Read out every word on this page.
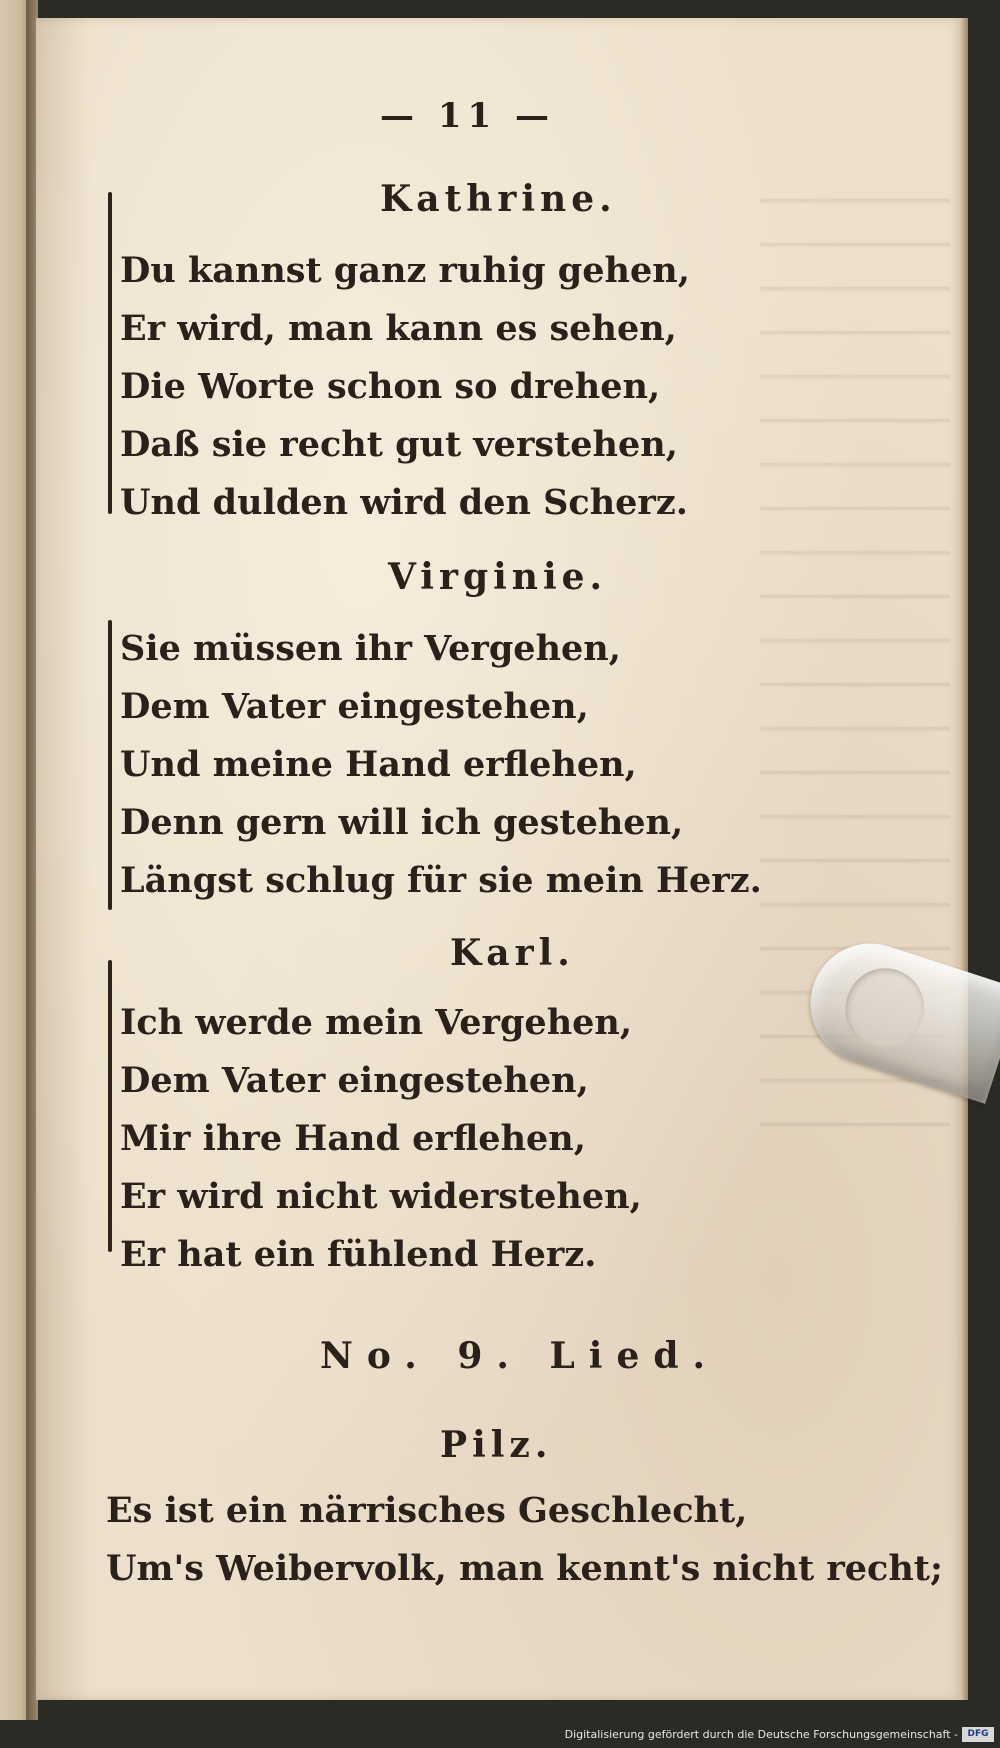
— 11 —

Kathrine.

Du kannst ganz ruhig gehen,

Er wird, man kann es sehen,

Die Worte schon so drehen,

Daß sie recht gut verstehen,

Und dulden wird den Scherz.

Virginie.

Sie müssen ihr Vergehen,

Dem Vater eingestehen,

Und meine Hand erflehen,

Denn gern will ich gestehen,

Längst schlug für sie mein Herz.

Karl.

Ich werde mein Vergehen,

Dem Vater eingestehen,

Mir ihre Hand erflehen,

Er wird nicht widerstehen,

Er hat ein fühlend Herz.

No. 9. Lied.

Pilz.

Es ist ein närrisches Geschlecht,

Um's Weibervolk, man kennt's nicht recht;

Digitalisierung gefördert durch die Deutsche Forschungsgemeinschaft -	DFG
